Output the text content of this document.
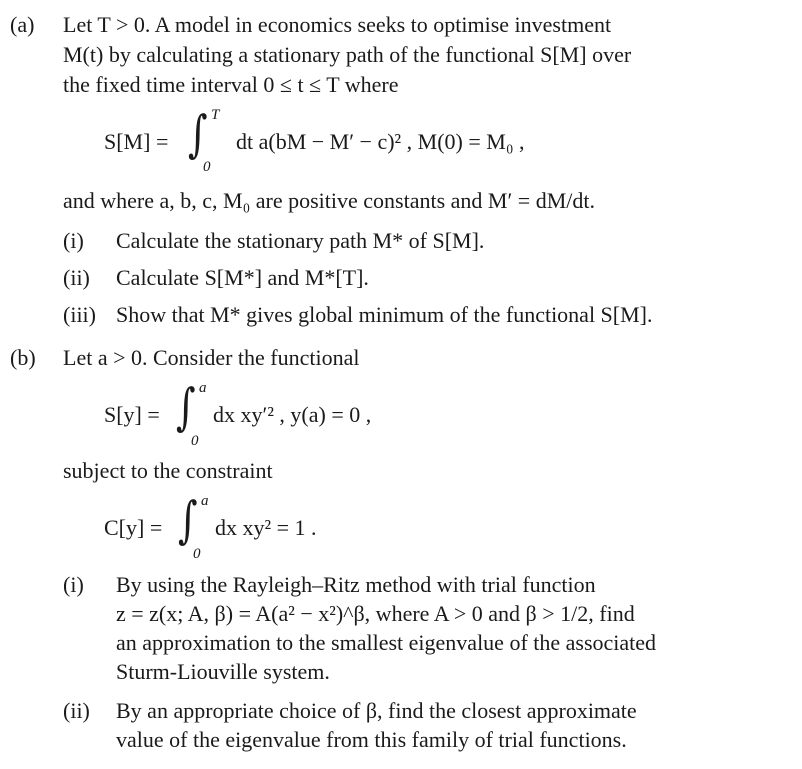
(a) Let T > 0. A model in economics seeks to optimise investment
M(t) by calculating a stationary path of the functional S[M] over
the fixed time interval 0 ≤ t ≤ T where
S[M] = ∫ T
0
dt a(bM − M′ − c)² , M(0) = M₀ ,
and where a, b, c, M₀ are positive constants and M′ = dM/dt.
(i) Calculate the stationary path M* of S[M].
(ii) Calculate S[M*] and M*[T].
(iii) Show that M* gives global minimum of the functional S[M].
(b) Let a > 0. Consider the functional
S[y] = ∫ a
0
dx xy′² , y(a) = 0 ,
subject to the constraint
C[y] = ∫ a
0
dx xy² = 1 .
(i) By using the Rayleigh–Ritz method with trial function
z = z(x; A, β) = A(a² − x²)^β, where A > 0 and β > 1/2, find
an approximation to the smallest eigenvalue of the associated
Sturm-Liouville system.
(ii) By an appropriate choice of β, find the closest approximate
value of the eigenvalue from this family of trial functions.
